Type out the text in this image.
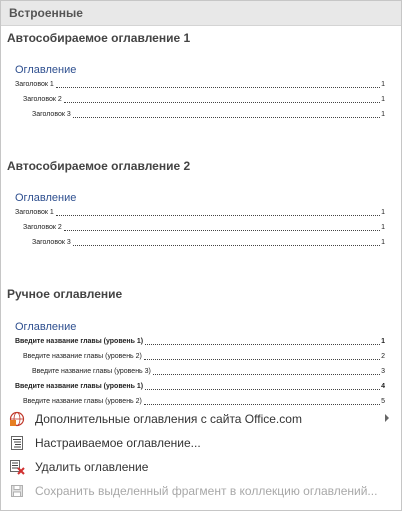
Встроенные
Автособираемое оглавление 1
Оглавление
Заголовок 1	1
Заголовок 2	1
Заголовок 3	1
Автособираемое оглавление 2
Оглавление
Заголовок 1	1
Заголовок 2	1
Заголовок 3	1
Ручное оглавление
Оглавление
Введите название главы (уровень 1)	1
Введите название главы (уровень 2)	2
Введите название главы (уровень 3)	3
Введите название главы (уровень 1)	4
Введите название главы (уровень 2)	5
Дополнительные оглавления с сайта Office.com
Настраиваемое оглавление...
Удалить оглавление
Сохранить выделенный фрагмент в коллекцию оглавлений...
